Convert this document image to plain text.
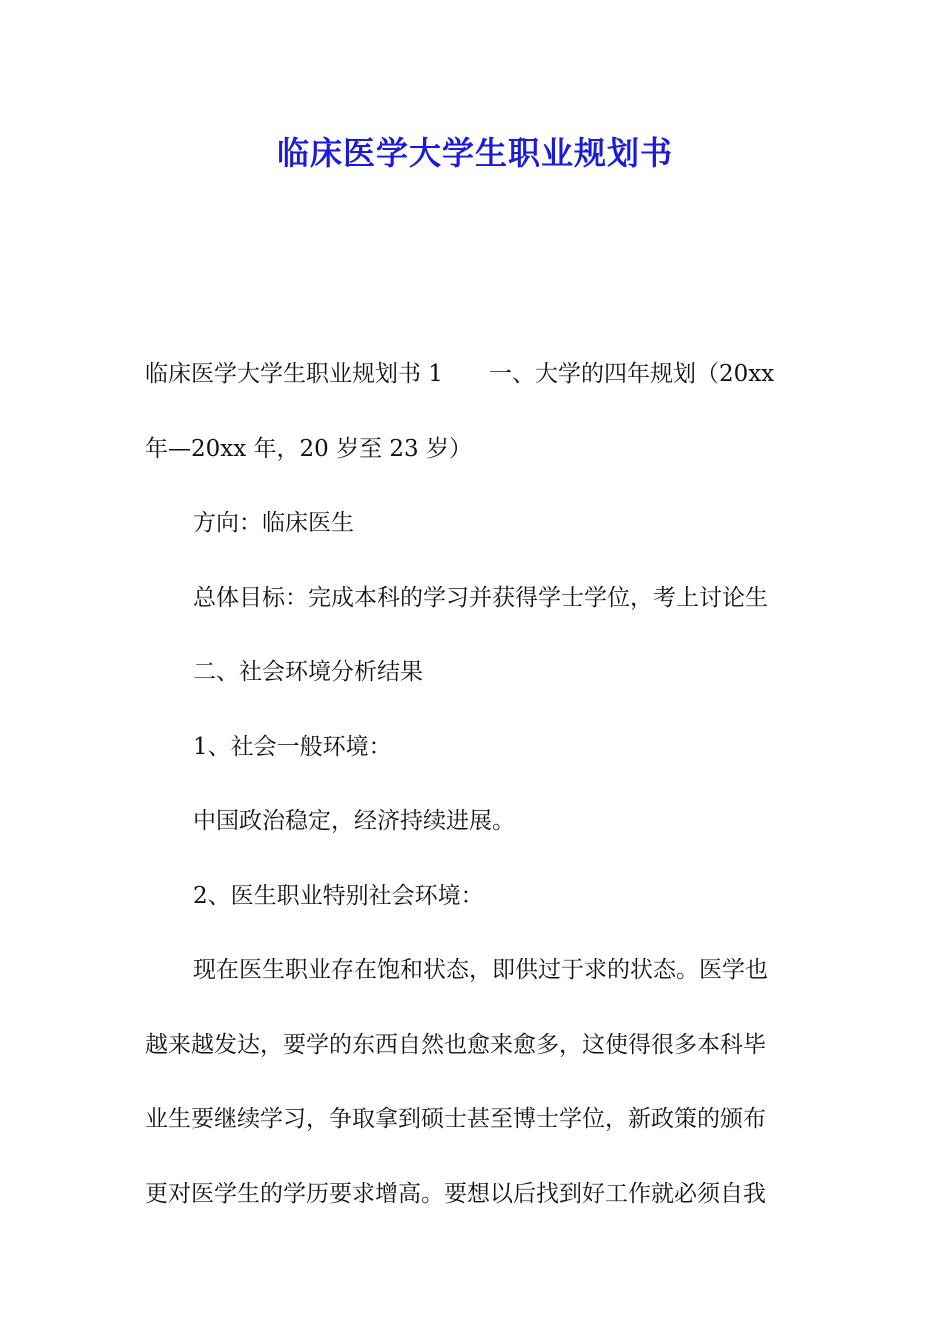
临床医学大学生职业规划书
临床医学大学生职业规划书 1　　一、大学的四年规划（20xx
年—20xx 年，20 岁至 23 岁）
方向：临床医生
总体目标：完成本科的学习并获得学士学位，考上讨论生
二、社会环境分析结果
1、社会一般环境：
中国政治稳定，经济持续进展。
2、医生职业特别社会环境：
现在医生职业存在饱和状态，即供过于求的状态。医学也
越来越发达，要学的东西自然也愈来愈多，这使得很多本科毕
业生要继续学习，争取拿到硕士甚至博士学位，新政策的颁布
更对医学生的学历要求增高。要想以后找到好工作就必须自我
